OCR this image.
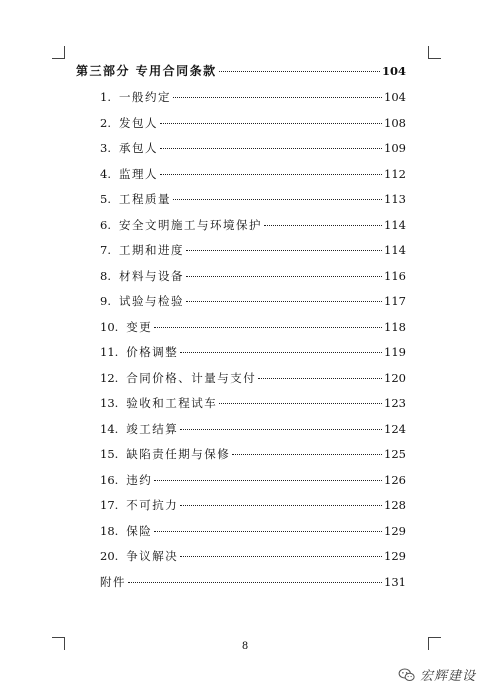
第三部分 专用合同条款	104
1. 一般约定	104
2. 发包人	108
3. 承包人	109
4. 监理人	112
5. 工程质量	113
6. 安全文明施工与环境保护	114
7. 工期和进度	114
8. 材料与设备	116
9. 试验与检验	117
10. 变更	118
11. 价格调整	119
12. 合同价格、计量与支付	120
13. 验收和工程试车	123
14. 竣工结算	124
15. 缺陷责任期与保修	125
16. 违约	126
17. 不可抗力	128
18. 保险	129
20. 争议解决	129
附件	131
8
宏辉建设
